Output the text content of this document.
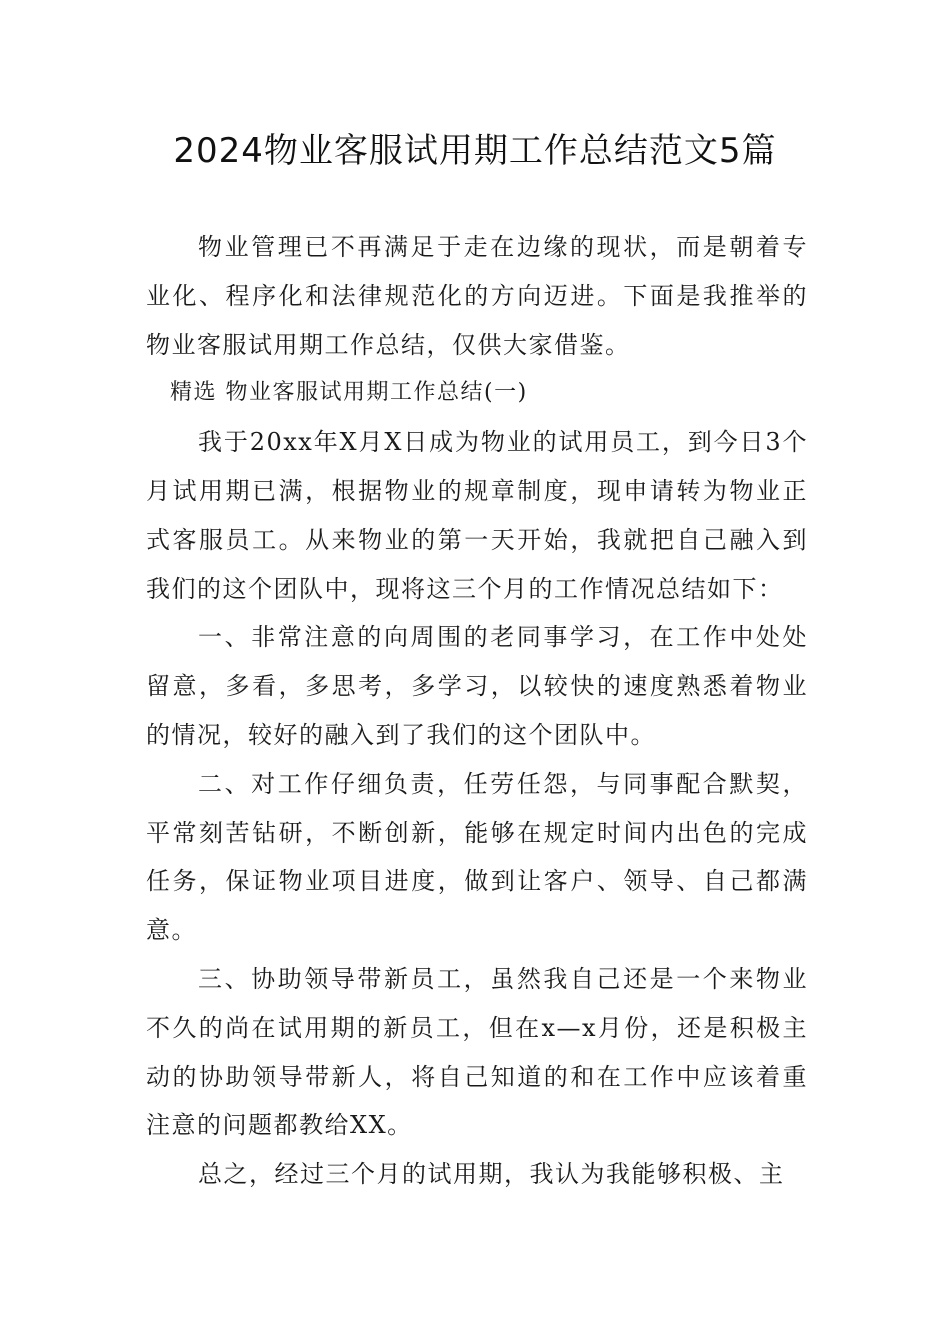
2024物业客服试用期工作总结范文5篇

物业管理已不再满足于走在边缘的现状，而是朝着专业化、程序化和法律规范化的方向迈进。下面是我推举的物业客服试用期工作总结，仅供大家借鉴。

精选 物业客服试用期工作总结(一)

我于20xx年X月X日成为物业的试用员工，到今日3个月试用期已满，根据物业的规章制度，现申请转为物业正式客服员工。从来物业的第一天开始，我就把自己融入到我们的这个团队中，现将这三个月的工作情况总结如下：

一、非常注意的向周围的老同事学习，在工作中处处留意，多看，多思考，多学习，以较快的速度熟悉着物业的情况，较好的融入到了我们的这个团队中。

二、对工作仔细负责，任劳任怨，与同事配合默契，平常刻苦钻研，不断创新，能够在规定时间内出色的完成任务，保证物业项目进度，做到让客户、领导、自己都满意。

三、协助领导带新员工，虽然我自己还是一个来物业不久的尚在试用期的新员工，但在x—x月份，还是积极主动的协助领导带新人，将自己知道的和在工作中应该着重注意的问题都教给XX。

总之，经过三个月的试用期，我认为我能够积极、主
